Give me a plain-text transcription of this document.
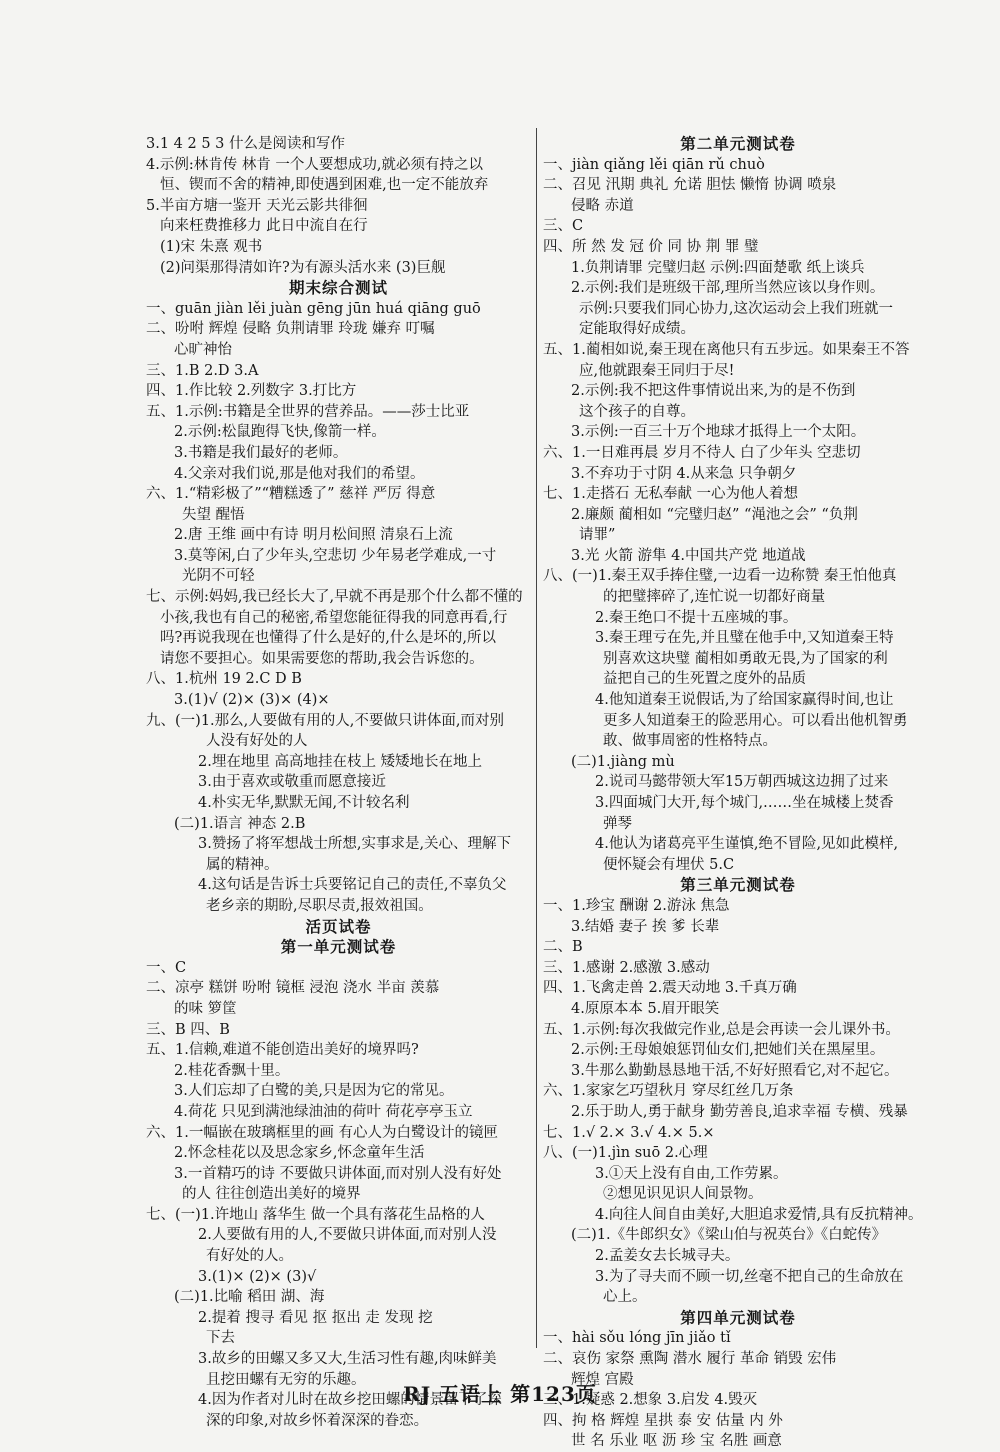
3.1 4 2 5 3 什么是阅读和写作
4.示例:林肯传 林肯 一个人要想成功,就必须有持之以
恒、锲而不舍的精神,即使遇到困难,也一定不能放弃
5.半亩方塘一鉴开 天光云影共徘徊
向来枉费推移力 此日中流自在行
(1)宋 朱熹 观书
(2)问渠那得清如许?为有源头活水来 (3)巨舰
期末综合测试
一、guān jiàn lěi juàn gēng jūn huá qiāng guō
二、吩咐 辉煌 侵略 负荆请罪 玲珑 嫌弃 叮嘱
心旷神怡
三、1.B 2.D 3.A
四、1.作比较 2.列数字 3.打比方
五、1.示例:书籍是全世界的营养品。——莎士比亚
2.示例:松鼠跑得飞快,像箭一样。
3.书籍是我们最好的老师。
4.父亲对我们说,那是他对我们的希望。
六、1.“精彩极了”“糟糕透了” 慈祥 严厉 得意
失望 醒悟
2.唐 王维 画中有诗 明月松间照 清泉石上流
3.莫等闲,白了少年头,空悲切 少年易老学难成,一寸
光阴不可轻
七、示例:妈妈,我已经长大了,早就不再是那个什么都不懂的
小孩,我也有自己的秘密,希望您能征得我的同意再看,行
吗?再说我现在也懂得了什么是好的,什么是坏的,所以
请您不要担心。如果需要您的帮助,我会告诉您的。
八、1.杭州 19 2.C D B
3.(1)√ (2)× (3)× (4)×
九、(一)1.那么,人要做有用的人,不要做只讲体面,而对别
人没有好处的人
2.埋在地里 高高地挂在枝上 矮矮地长在地上
3.由于喜欢或敬重而愿意接近
4.朴实无华,默默无闻,不计较名利
(二)1.语言 神态 2.B
3.赞扬了将军想战士所想,实事求是,关心、理解下
属的精神。
4.这句话是告诉士兵要铭记自己的责任,不辜负父
老乡亲的期盼,尽职尽责,报效祖国。
活页试卷
第一单元测试卷
一、C
二、凉亭 糕饼 吩咐 镜框 浸泡 浇水 半亩 羡慕
的味 箩筐
三、B 四、B
五、1.信赖,难道不能创造出美好的境界吗?
2.桂花香飘十里。
3.人们忘却了白鹭的美,只是因为它的常见。
4.荷花 只见到满池绿油油的荷叶 荷花亭亭玉立
六、1.一幅嵌在玻璃框里的画 有心人为白鹭设计的镜匣
2.怀念桂花以及思念家乡,怀念童年生活
3.一首精巧的诗 不要做只讲体面,而对别人没有好处
的人 往往创造出美好的境界
七、(一)1.许地山 落华生 做一个具有落花生品格的人
2.人要做有用的人,不要做只讲体面,而对别人没
有好处的人。
3.(1)× (2)× (3)√
(二)1.比喻 稻田 湖、海
2.提着 搜寻 看见 抠 抠出 走 发现 挖
下去
3.故乡的田螺又多又大,生活习性有趣,肉味鲜美
且挖田螺有无穷的乐趣。
4.因为作者对儿时在故乡挖田螺的情景留下了深
深的印象,对故乡怀着深深的眷恋。
第二单元测试卷
一、jiàn qiǎng lěi qiān rǔ chuò
二、召见 汛期 典礼 允诺 胆怯 懒惰 协调 喷泉
侵略 赤道
三、C
四、所 然 发 冠 价 同 协 荆 罪 璧
1.负荆请罪 完璧归赵 示例:四面楚歌 纸上谈兵
2.示例:我们是班级干部,理所当然应该以身作则。
示例:只要我们同心协力,这次运动会上我们班就一
定能取得好成绩。
五、1.蔺相如说,秦王现在离他只有五步远。如果秦王不答
应,他就跟秦王同归于尽!
2.示例:我不把这件事情说出来,为的是不伤到
这个孩子的自尊。
3.示例:一百三十万个地球才抵得上一个太阳。
六、1.一日难再晨 岁月不待人 白了少年头 空悲切
3.不弃功于寸阴 4.从来急 只争朝夕
七、1.走搭石 无私奉献 一心为他人着想
2.廉颇 蔺相如 “完璧归赵” “渑池之会” “负荆
请罪”
3.光 火箭 游隼 4.中国共产党 地道战
八、(一)1.秦王双手捧住璧,一边看一边称赞 秦王怕他真
的把璧摔碎了,连忙说一切都好商量
2.秦王绝口不提十五座城的事。
3.秦王理亏在先,并且璧在他手中,又知道秦王特
别喜欢这块璧 蔺相如勇敢无畏,为了国家的利
益把自己的生死置之度外的品质
4.他知道秦王说假话,为了给国家赢得时间,也让
更多人知道秦王的险恶用心。可以看出他机智勇
敢、做事周密的性格特点。
(二)1.jiàng mù
2.说司马懿带领大军15万朝西城这边拥了过来
3.四面城门大开,每个城门,……坐在城楼上焚香
弹琴
4.他认为诸葛亮平生谨慎,绝不冒险,见如此模样,
便怀疑会有埋伏 5.C
第三单元测试卷
一、1.珍宝 酬谢 2.游泳 焦急
3.结婚 妻子 挨 爹 长辈
二、B
三、1.感谢 2.感激 3.感动
四、1.飞禽走兽 2.震天动地 3.千真万确
4.原原本本 5.眉开眼笑
五、1.示例:每次我做完作业,总是会再读一会儿课外书。
2.示例:王母娘娘惩罚仙女们,把她们关在黑屋里。
3.牛那么勤勤恳恳地干活,不好好照看它,对不起它。
六、1.家家乞巧望秋月 穿尽红丝几万条
2.乐于助人,勇于献身 勤劳善良,追求幸福 专横、残暴
七、1.√ 2.× 3.√ 4.× 5.×
八、(一)1.jìn suō 2.心理
3.①天上没有自由,工作劳累。
②想见识见识人间景物。
4.向往人间自由美好,大胆追求爱情,具有反抗精神。
(二)1.《牛郎织女》《梁山伯与祝英台》《白蛇传》
2.孟姜女去长城寻夫。
3.为了寻夫而不顾一切,丝毫不把自己的生命放在
心上。
第四单元测试卷
一、hài sǒu lóng jīn jiǎo tǐ
二、哀伤 家祭 熏陶 潜水 履行 革命 销毁 宏伟
辉煌 宫殿
三、1.疑惑 2.想象 3.启发 4.毁灭
四、拘 格 辉煌 星拱 泰 安 估量 内 外
世 名 乐业 呕 沥 珍 宝 名胜 画意
RJ 五语上 第123页
